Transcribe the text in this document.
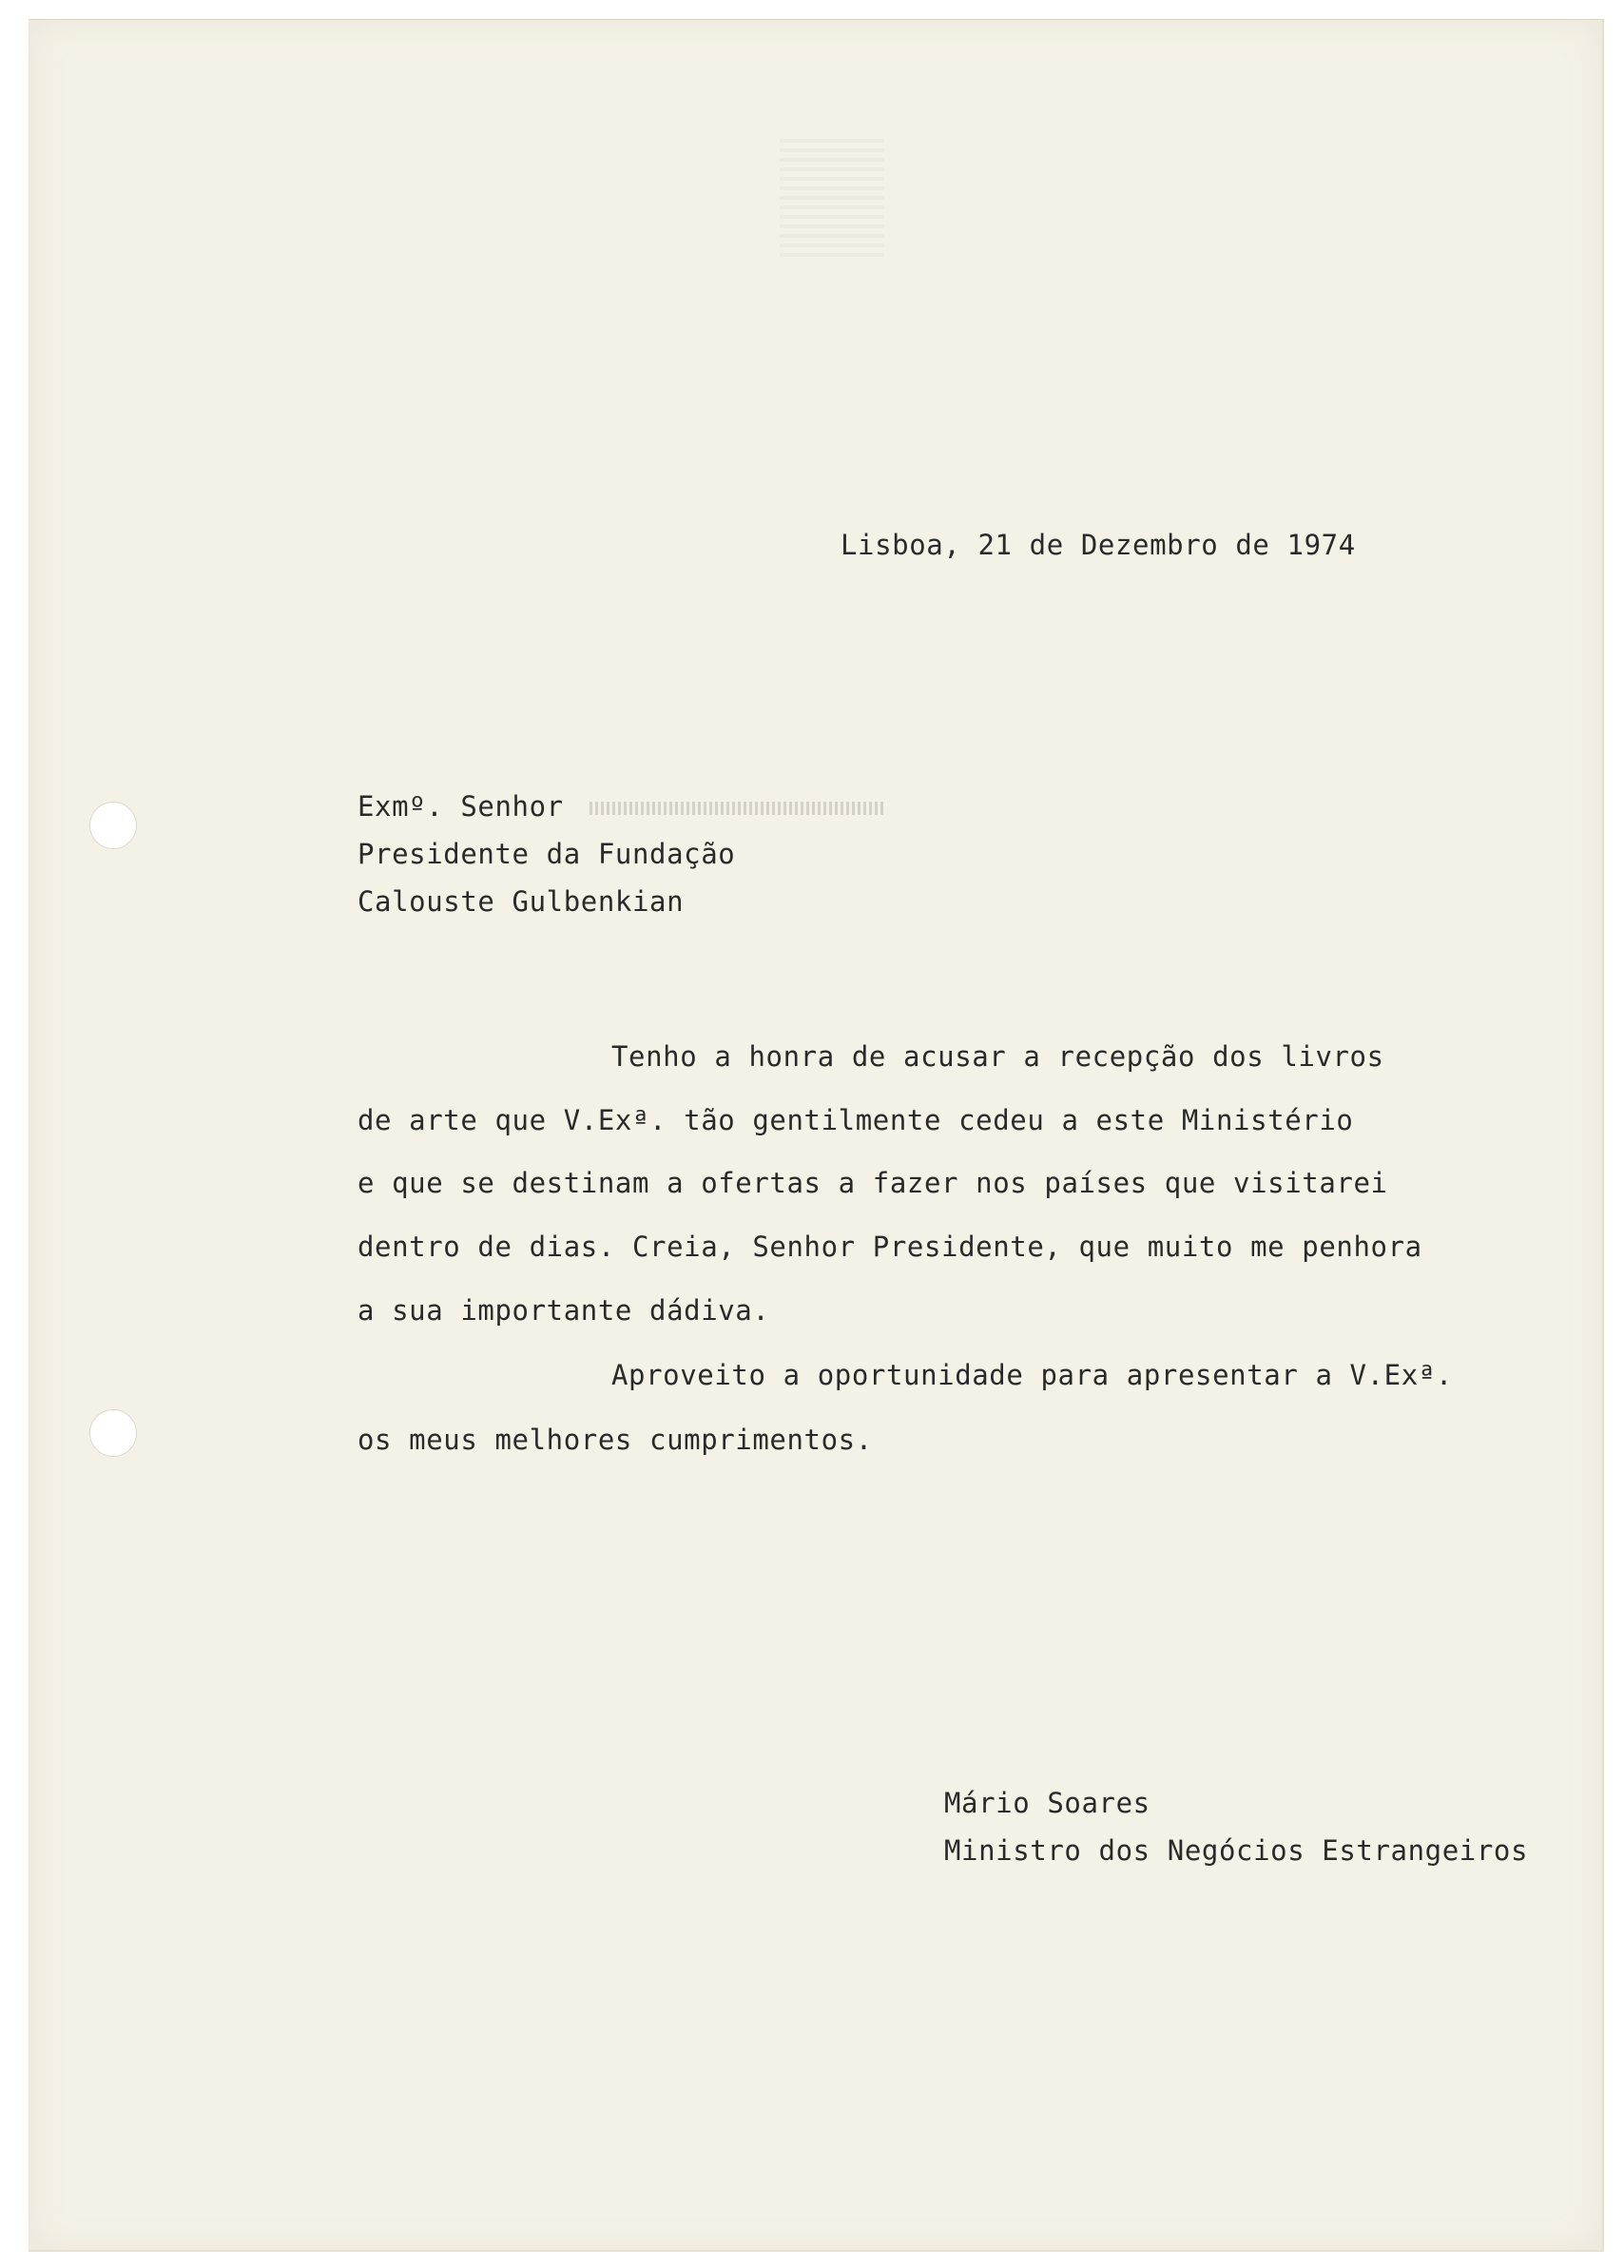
Lisboa, 21 de Dezembro de 1974

Exmº. Senhor

Presidente da Fundação

Calouste Gulbenkian

Tenho a honra de acusar a recepção dos livros

de arte que V.Exª. tão gentilmente cedeu a este Ministério

e que se destinam a ofertas a fazer nos países que visitarei

dentro de dias. Creia, Senhor Presidente, que muito me penhora

a sua importante dádiva.

Aproveito a oportunidade para apresentar a V.Exª.

os meus melhores cumprimentos.

Mário Soares

Ministro dos Negócios Estrangeiros
